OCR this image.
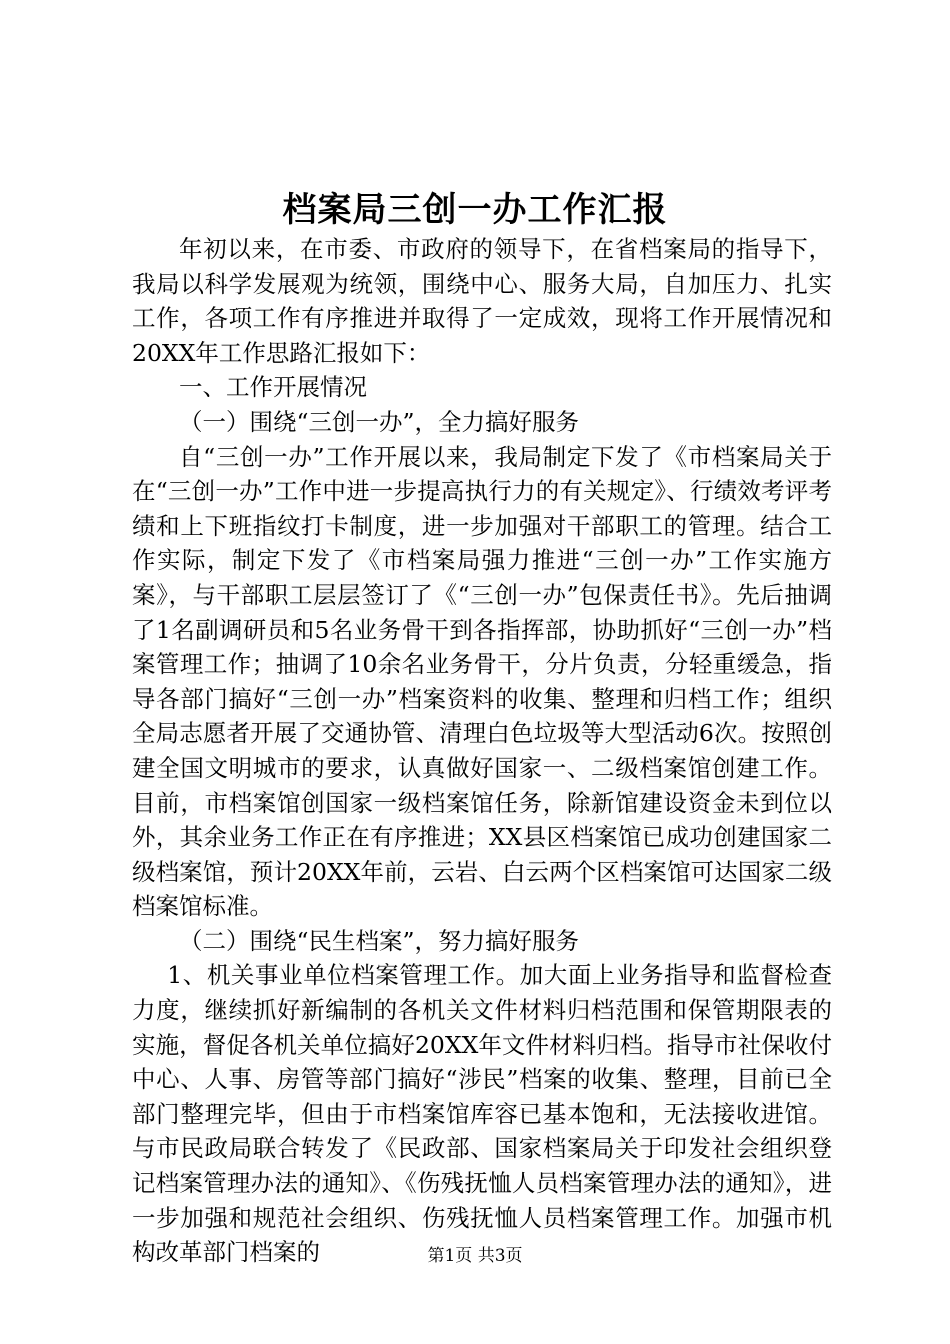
档案局三创一办工作汇报

年初以来，在市委、市政府的领导下，在省档案局的指导下，我局以科学发展观为统领，围绕中心、服务大局，自加压力、扎实工作，各项工作有序推进并取得了一定成效，现将工作开展情况和20XX年工作思路汇报如下：

一、工作开展情况

（一）围绕“三创一办”，全力搞好服务

自“三创一办”工作开展以来，我局制定下发了《市档案局关于在“三创一办”工作中进一步提高执行力的有关规定》、行绩效考评考绩和上下班指纹打卡制度，进一步加强对干部职工的管理。结合工作实际，制定下发了《市档案局强力推进“三创一办”工作实施方案》，与干部职工层层签订了《“三创一办”包保责任书》。先后抽调了1名副调研员和5名业务骨干到各指挥部，协助抓好“三创一办”档案管理工作；抽调了10余名业务骨干，分片负责，分轻重缓急，指导各部门搞好“三创一办”档案资料的收集、整理和归档工作；组织全局志愿者开展了交通协管、清理白色垃圾等大型活动6次。按照创建全国文明城市的要求，认真做好国家一、二级档案馆创建工作。目前，市档案馆创国家一级档案馆任务，除新馆建设资金未到位以外，其余业务工作正在有序推进；XX县区档案馆已成功创建国家二级档案馆，预计20XX年前，云岩、白云两个区档案馆可达国家二级档案馆标准。

（二）围绕“民生档案”，努力搞好服务

1、机关事业单位档案管理工作。加大面上业务指导和监督检查力度，继续抓好新编制的各机关文件材料归档范围和保管期限表的实施，督促各机关单位搞好20XX年文件材料归档。指导市社保收付中心、人事、房管等部门搞好“涉民”档案的收集、整理，目前已全部门整理完毕，但由于市档案馆库容已基本饱和，无法接收进馆。与市民政局联合转发了《民政部、国家档案局关于印发社会组织登记档案管理办法的通知》、《伤残抚恤人员档案管理办法的通知》，进一步加强和规范社会组织、伤残抚恤人员档案管理工作。加强市机构改革部门档案的	第1页 共3页
